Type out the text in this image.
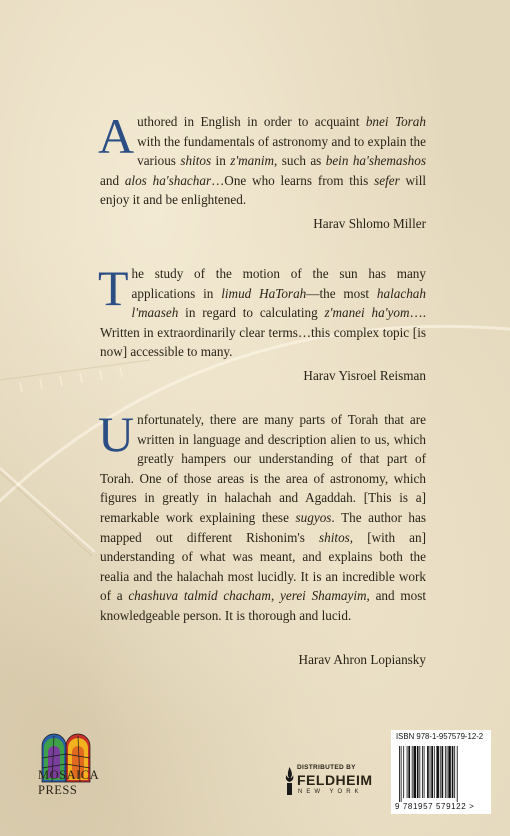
Authored in English in order to acquaint bnei Torah with the fundamentals of astronomy and to explain the various shitos in z'manim, such as bein ha'shemashos and alos ha'shachar…One who learns from this sefer will enjoy it and be enlightened.

Harav Shlomo Miller

The study of the motion of the sun has many applications in limud HaTorah—the most halachah l'maaseh in regard to calculating z'manei ha'yom…. Written in extraordinarily clear terms…this complex topic [is now] accessible to many.

Harav Yisroel Reisman

Unfortunately, there are many parts of Torah that are written in language and description alien to us, which greatly hampers our understanding of that part of Torah. One of those areas is the area of astronomy, which figures in greatly in halachah and Agaddah. [This is a] remarkable work explaining these sugyos. The author has mapped out different Rishonim's shitos, [with an] understanding of what was meant, and explains both the realia and the halachah most lucidly. It is an incredible work of a chashuva talmid chacham, yerei Shamayim, and most knowledgeable person. It is thorough and lucid.

Harav Ahron Lopiansky
MOSAICA
PRESS
DISTRIBUTED BY
FELDHEIM
NEW YORK
ISBN 978-1-957579-12-2
9 781957 579122 >
